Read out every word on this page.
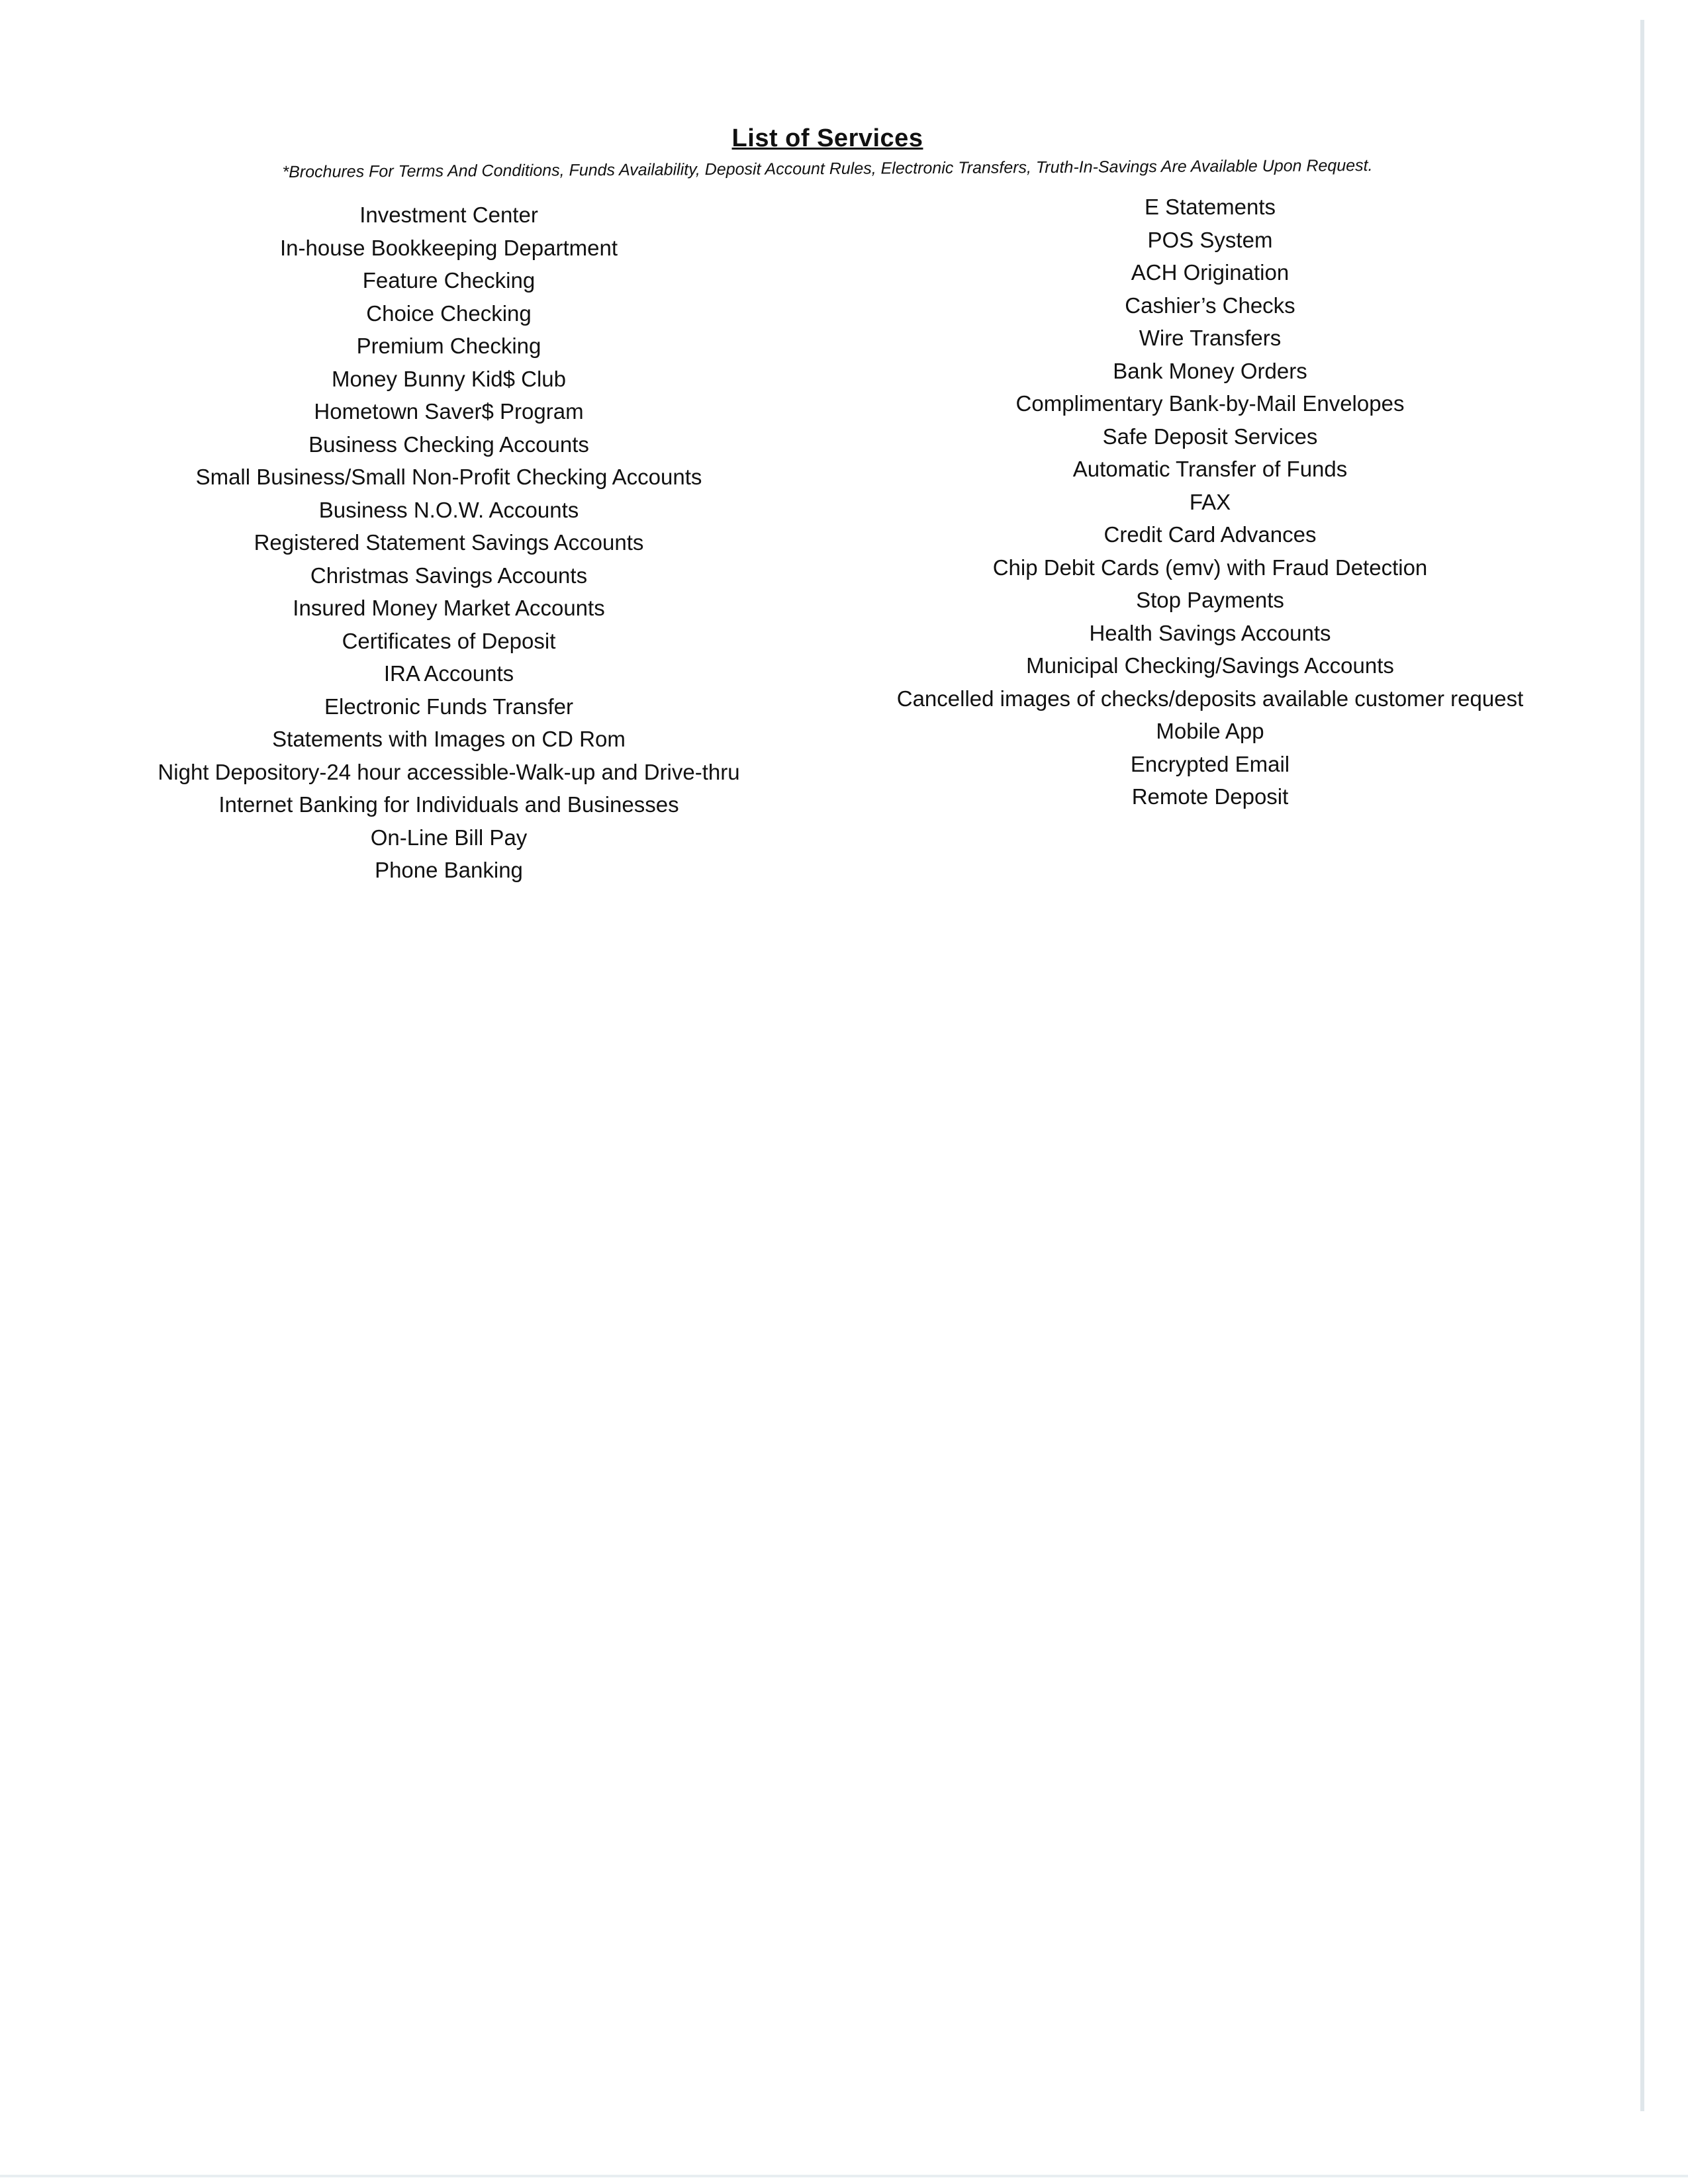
List of Services
*Brochures For Terms And Conditions, Funds Availability, Deposit Account Rules, Electronic Transfers, Truth-In-Savings Are Available Upon Request.
Investment Center
In-house Bookkeeping Department
Feature Checking
Choice Checking
Premium Checking
Money Bunny Kid$ Club
Hometown Saver$ Program
Business Checking Accounts
Small Business/Small Non-Profit Checking Accounts
Business N.O.W. Accounts
Registered Statement Savings Accounts
Christmas Savings Accounts
Insured Money Market Accounts
Certificates of Deposit
IRA Accounts
Electronic Funds Transfer
Statements with Images on CD Rom
Night Depository-24 hour accessible-Walk-up and Drive-thru
Internet Banking for Individuals and Businesses
On-Line Bill Pay
Phone Banking
E Statements
POS System
ACH Origination
Cashier’s Checks
Wire Transfers
Bank Money Orders
Complimentary Bank-by-Mail Envelopes
Safe Deposit Services
Automatic Transfer of Funds
FAX
Credit Card Advances
Chip Debit Cards (emv) with Fraud Detection
Stop Payments
Health Savings Accounts
Municipal Checking/Savings Accounts
Cancelled images of checks/deposits available customer request
Mobile App
Encrypted Email
Remote Deposit
